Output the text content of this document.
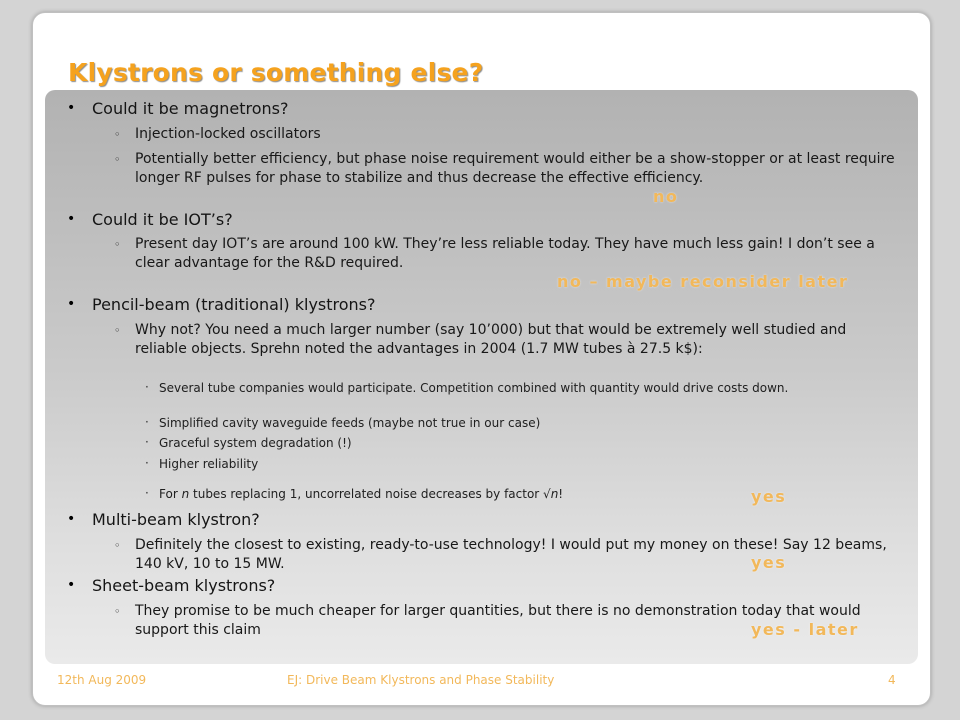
Klystrons or something else?
• Could it be magnetrons?
◦ Injection-locked oscillators
◦ Potentially better efficiency, but phase noise requirement would either be a show-stopper or at least require longer RF pulses for phase to stabilize and thus decrease the effective efficiency.
no
• Could it be IOT’s?
◦ Present day IOT’s are around 100 kW. They’re less reliable today. They have much less gain! I don’t see a clear advantage for the R&D required.
no – maybe reconsider later
• Pencil-beam (traditional) klystrons?
◦ Why not? You need a much larger number (say 10’000) but that would be extremely well studied and reliable objects. Sprehn noted the advantages in 2004 (1.7 MW tubes à 27.5 k$):
· Several tube companies would participate. Competition combined with quantity would drive costs down.
· Simplified cavity waveguide feeds (maybe not true in our case)
· Graceful system degradation (!)
· Higher reliability
· For n tubes replacing 1, uncorrelated noise decreases by factor √n!	yes
• Multi-beam klystron?
◦ Definitely the closest to existing, ready-to-use technology! I would put my money on these! Say 12 beams, 140 kV, 10 to 15 MW.	yes
• Sheet-beam klystrons?
◦ They promise to be much cheaper for larger quantities, but there is no demonstration today that would support this claim	yes - later
12th Aug 2009	EJ: Drive Beam Klystrons and Phase Stability	4
